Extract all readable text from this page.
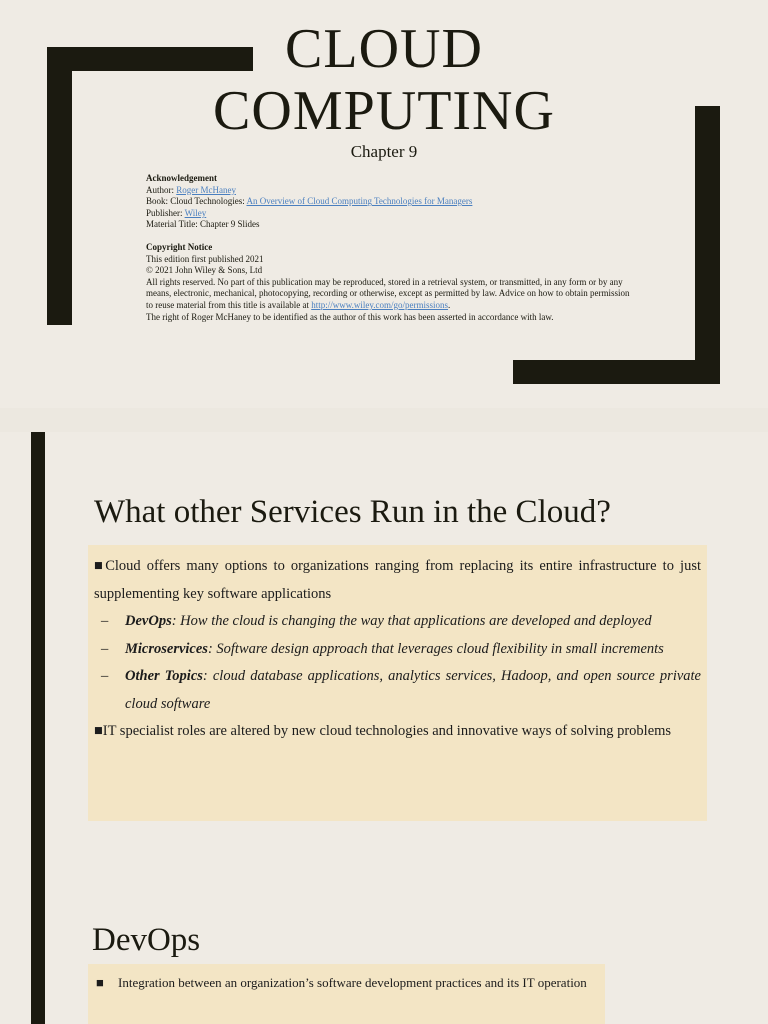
CLOUD
COMPUTING
Chapter 9
Acknowledgement
Author: Roger McHaney
Book: Cloud Technologies: An Overview of Cloud Computing Technologies for Managers
Publisher: Wiley
Material Title: Chapter 9 Slides
Copyright Notice
This edition first published 2021
© 2021 John Wiley & Sons, Ltd
All rights reserved. No part of this publication may be reproduced, stored in a retrieval system, or transmitted, in any form or by any means, electronic, mechanical, photocopying, recording or otherwise, except as permitted by law. Advice on how to obtain permission to reuse material from this title is available at http://www.wiley.com/go/permissions.
The right of Roger McHaney to be identified as the author of this work has been asserted in accordance with law.
What other Services Run in the Cloud?
■Cloud offers many options to organizations ranging from replacing its entire infrastructure to just supplementing key software applications
– DevOps: How the cloud is changing the way that applications are developed and deployed
– Microservices: Software design approach that leverages cloud flexibility in small increments
– Other Topics: cloud database applications, analytics services, Hadoop, and open source private cloud software
■IT specialist roles are altered by new cloud technologies and innovative ways of solving problems
DevOps
■ Integration between an organization’s software development practices and its IT operation
